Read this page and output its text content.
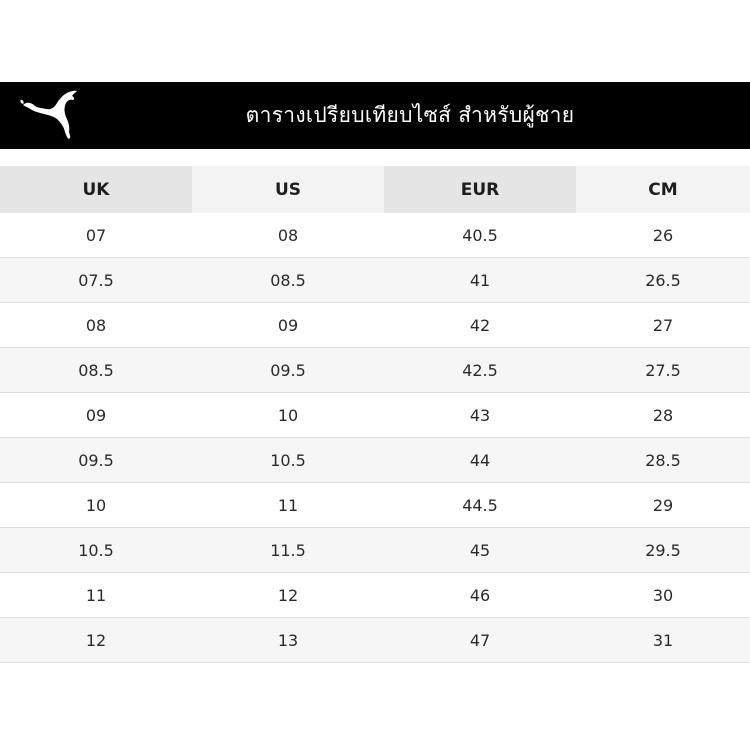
ตารางเปรียบเทียบไซส์ สำหรับผู้ชาย
UK	US	EUR	CM
07	08	40.5	26
07.5	08.5	41	26.5
08	09	42	27
08.5	09.5	42.5	27.5
09	10	43	28
09.5	10.5	44	28.5
10	11	44.5	29
10.5	11.5	45	29.5
11	12	46	30
12	13	47	31
